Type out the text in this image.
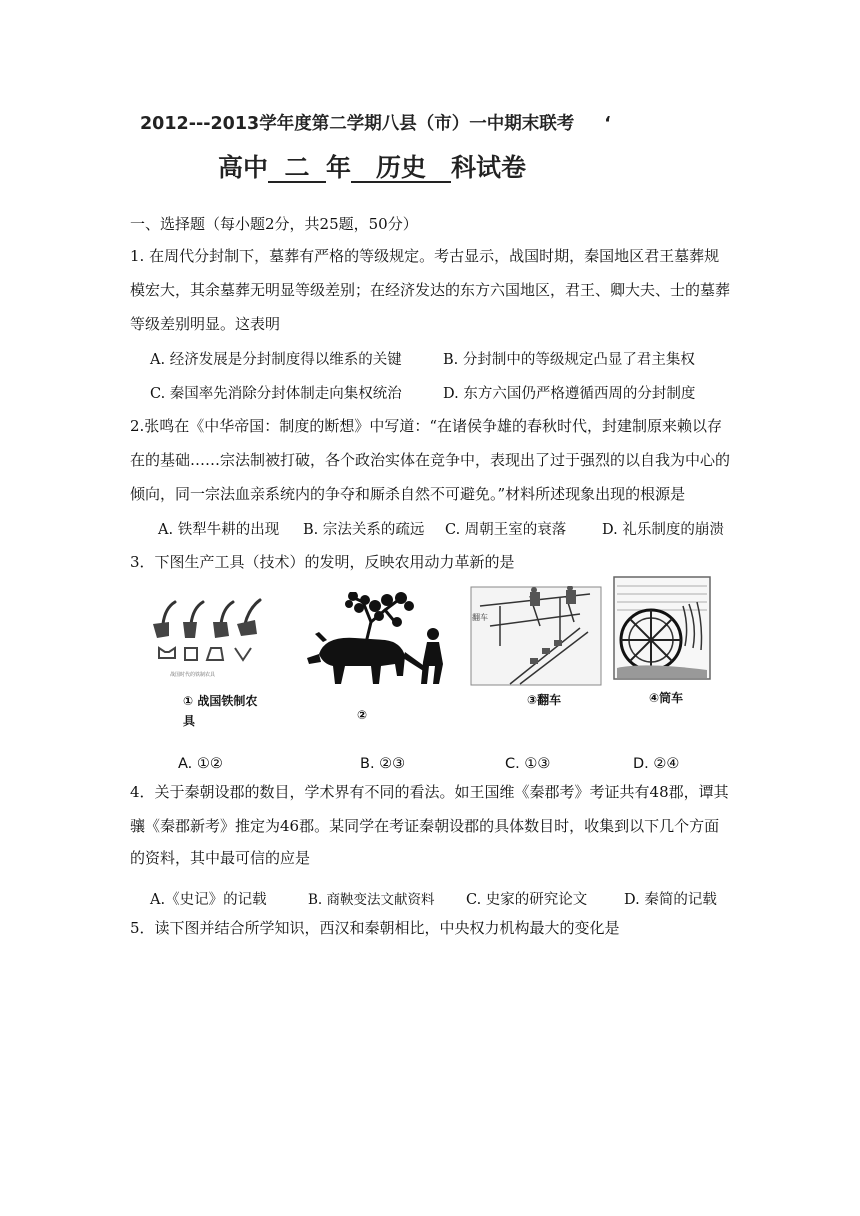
2012---2013学年度第二学期八县（市）一中期末联考 ‘
高中 二 年 历史 科试卷
一、选择题（每小题2分，共25题，50分）
1. 在周代分封制下，墓葬有严格的等级规定。考古显示，战国时期，秦国地区君王墓葬规
模宏大，其余墓葬无明显等级差别；在经济发达的东方六国地区，君王、卿大夫、士的墓葬
等级差别明显。这表明
A. 经济发展是分封制度得以维系的关键	B. 分封制中的等级规定凸显了君主集权
C. 秦国率先消除分封体制走向集权统治	D. 东方六国仍严格遵循西周的分封制度
2.张鸣在《中华帝国：制度的断想》中写道：“在诸侯争雄的春秋时代，封建制原来赖以存
在的基础……宗法制被打破，各个政治实体在竞争中，表现出了过于强烈的以自我为中心的
倾向，同一宗法血亲系统内的争夺和厮杀自然不可避免。”材料所述现象出现的根源是
A. 铁犁牛耕的出现 B. 宗法关系的疏远 C. 周朝王室的衰落 D. 礼乐制度的崩溃
3．下图生产工具（技术）的发明，反映农用动力革新的是
战国时代的铁制农具
① 战国铁制农
具	②
翻车
③翻车	④筒车
A. ①②	B. ②③	C. ①③	D. ②④
4．关于秦朝设郡的数目，学术界有不同的看法。如王国维《秦郡考》考证共有48郡，谭其
骧《秦郡新考》推定为46郡。某同学在考证秦朝设郡的具体数目时，收集到以下几个方面
的资料，其中最可信的应是
A.《史记》的记载	B. 商鞅变法文献资料 C. 史家的研究论文	D. 秦简的记载
5．读下图并结合所学知识，西汉和秦朝相比，中央权力机构最大的变化是
